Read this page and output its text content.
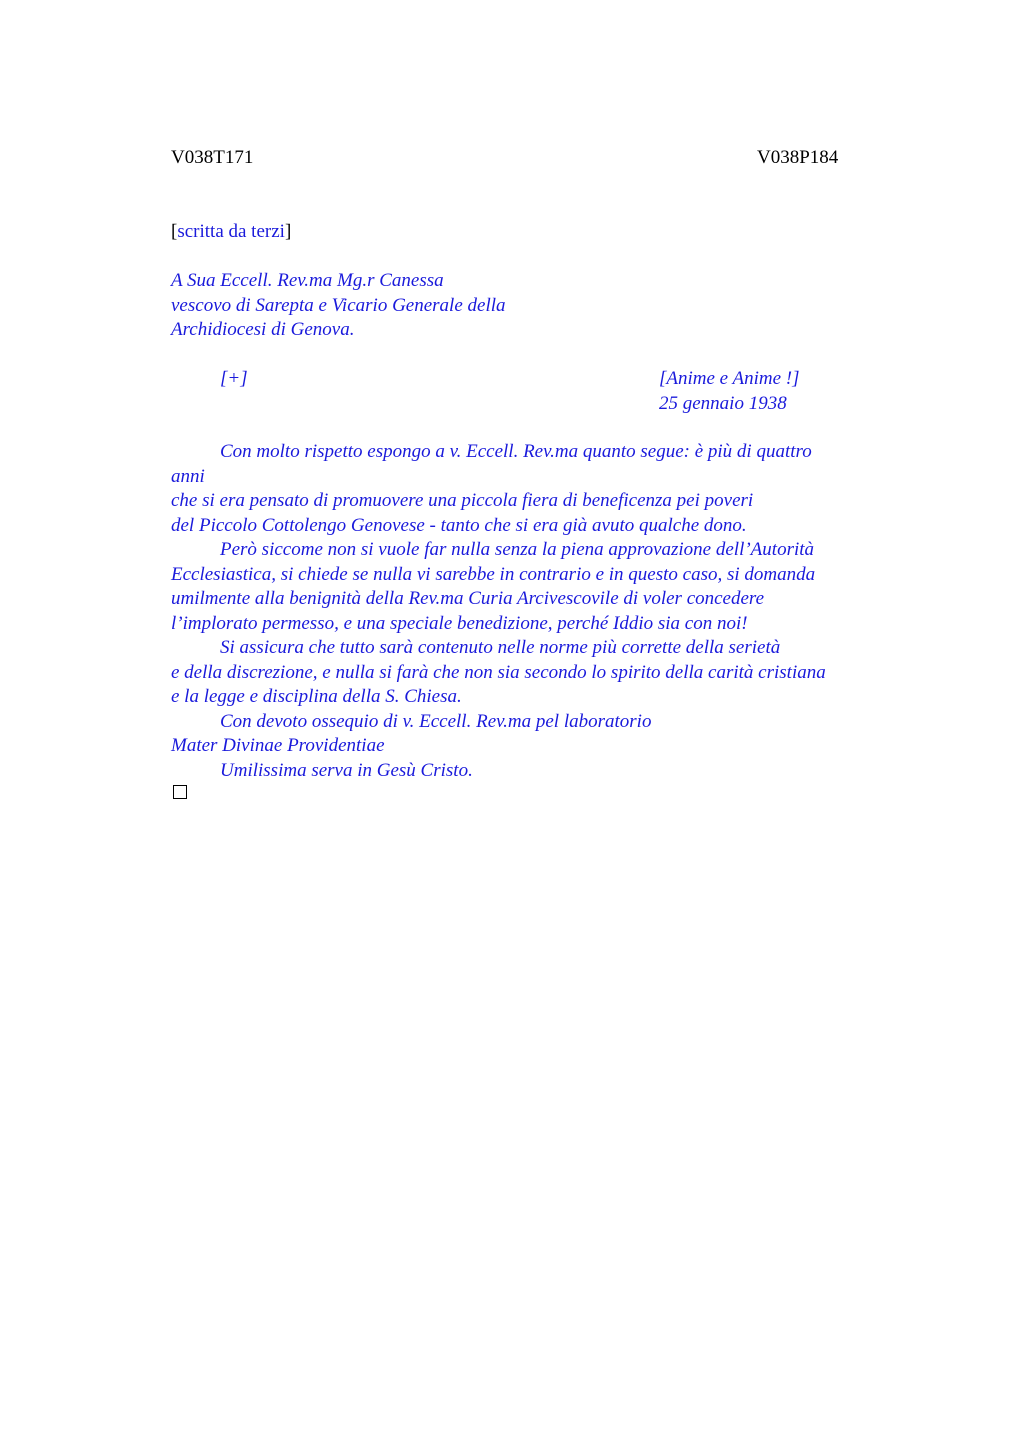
V038T171	V038P184
[scritta da terzi]
A Sua Eccell. Rev.ma Mg.r Canessa
vescovo di Sarepta e Vicario Generale della
Archidiocesi di Genova.
[+]	[Anime e Anime !]
25 gennaio 1938
Con molto rispetto espongo a v. Eccell. Rev.ma quanto segue: è più di quattro
anni
che si era pensato di promuovere una piccola fiera di beneficenza pei poveri
del Piccolo Cottolengo Genovese - tanto che si era già avuto qualche dono.
Però siccome non si vuole far nulla senza la piena approvazione dell’Autorità
Ecclesiastica, si chiede se nulla vi sarebbe in contrario e in questo caso, si domanda
umilmente alla benignità della Rev.ma Curia Arcivescovile di voler concedere
l’implorato permesso, e una speciale benedizione, perché Iddio sia con noi!
Si assicura che tutto sarà contenuto nelle norme più corrette della serietà
e della discrezione, e nulla si farà che non sia secondo lo spirito della carità cristiana
e la legge e disciplina della S. Chiesa.
Con devoto ossequio di v. Eccell. Rev.ma pel laboratorio
Mater Divinae Providentiae
Umilissima serva in Gesù Cristo.
